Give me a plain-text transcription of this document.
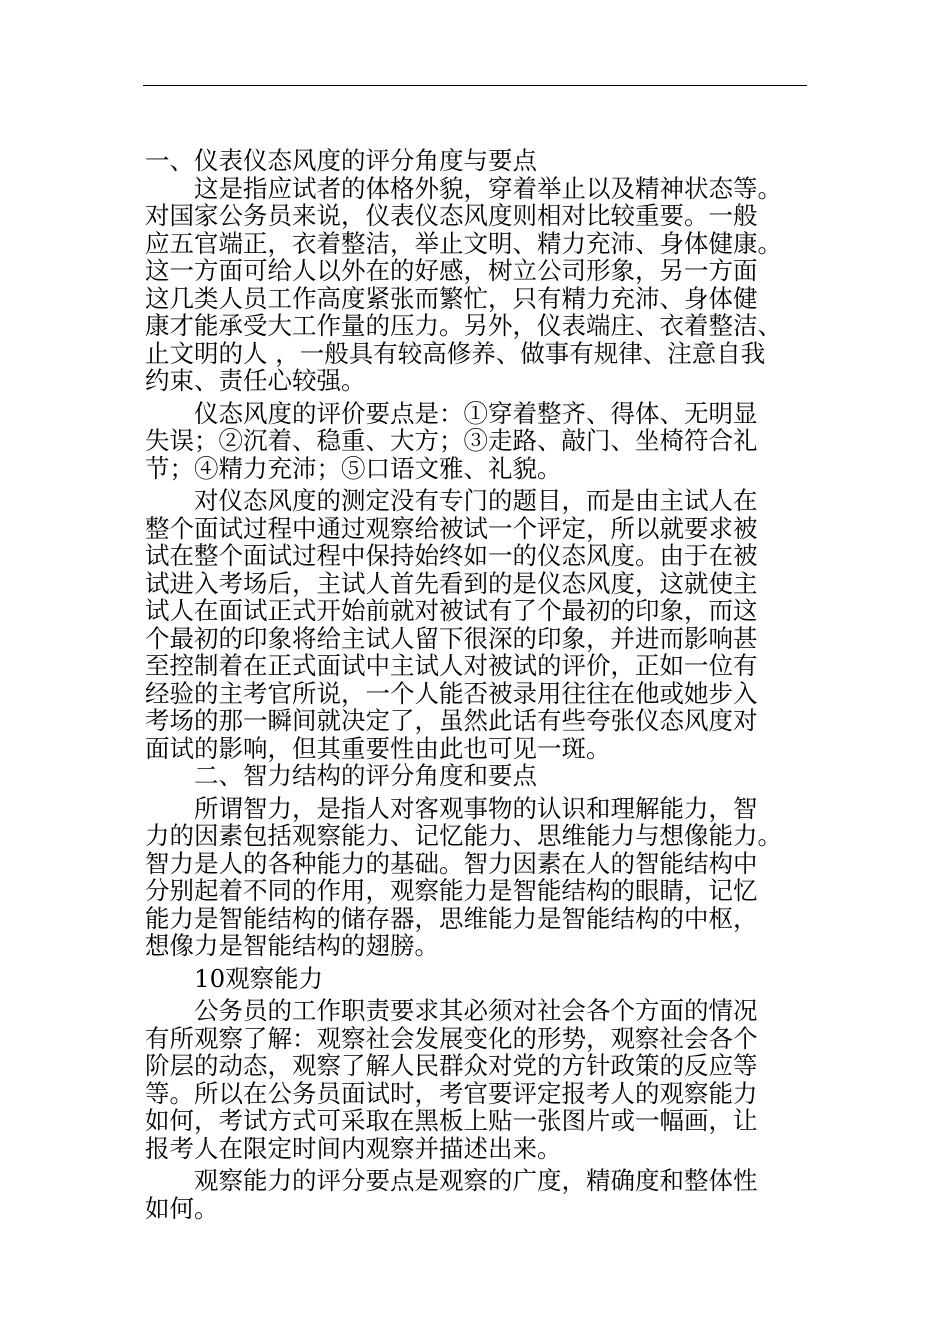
一、仪表仪态风度的评分角度与要点
这是指应试者的体格外貌，穿着举止以及精神状态等。
对国家公务员来说，仪表仪态风度则相对比较重要。一般
应五官端正，衣着整洁，举止文明、精力充沛、身体健康。
这一方面可给人以外在的好感，树立公司形象，另一方面
这几类人员工作高度紧张而繁忙，只有精力充沛、身体健
康才能承受大工作量的压力。另外，仪表端庄、衣着整洁、
止文明的人 ，一般具有较高修养、做事有规律、注意自我
约束、责任心较强。
仪态风度的评价要点是：①穿着整齐、得体、无明显
失误；②沉着、稳重、大方；③走路、敲门、坐椅符合礼
节；④精力充沛；⑤口语文雅、礼貌。
对仪态风度的测定没有专门的题目，而是由主试人在
整个面试过程中通过观察给被试一个评定，所以就要求被
试在整个面试过程中保持始终如一的仪态风度。由于在被
试进入考场后，主试人首先看到的是仪态风度，这就使主
试人在面试正式开始前就对被试有了个最初的印象，而这
个最初的印象将给主试人留下很深的印象，并进而影响甚
至控制着在正式面试中主试人对被试的评价，正如一位有
经验的主考官所说，一个人能否被录用往往在他或她步入
考场的那一瞬间就决定了，虽然此话有些夸张仪态风度对
面试的影响，但其重要性由此也可见一斑。
二、智力结构的评分角度和要点
所谓智力，是指人对客观事物的认识和理解能力，智
力的因素包括观察能力、记忆能力、思维能力与想像能力。
智力是人的各种能力的基础。智力因素在人的智能结构中
分别起着不同的作用，观察能力是智能结构的眼睛，记忆
能力是智能结构的储存器，思维能力是智能结构的中枢，
想像力是智能结构的翅膀。
10观察能力
公务员的工作职责要求其必须对社会各个方面的情况
有所观察了解：观察社会发展变化的形势，观察社会各个
阶层的动态，观察了解人民群众对党的方针政策的反应等
等。所以在公务员面试时，考官要评定报考人的观察能力
如何，考试方式可采取在黑板上贴一张图片或一幅画，让
报考人在限定时间内观察并描述出来。
观察能力的评分要点是观察的广度，精确度和整体性
如何。
